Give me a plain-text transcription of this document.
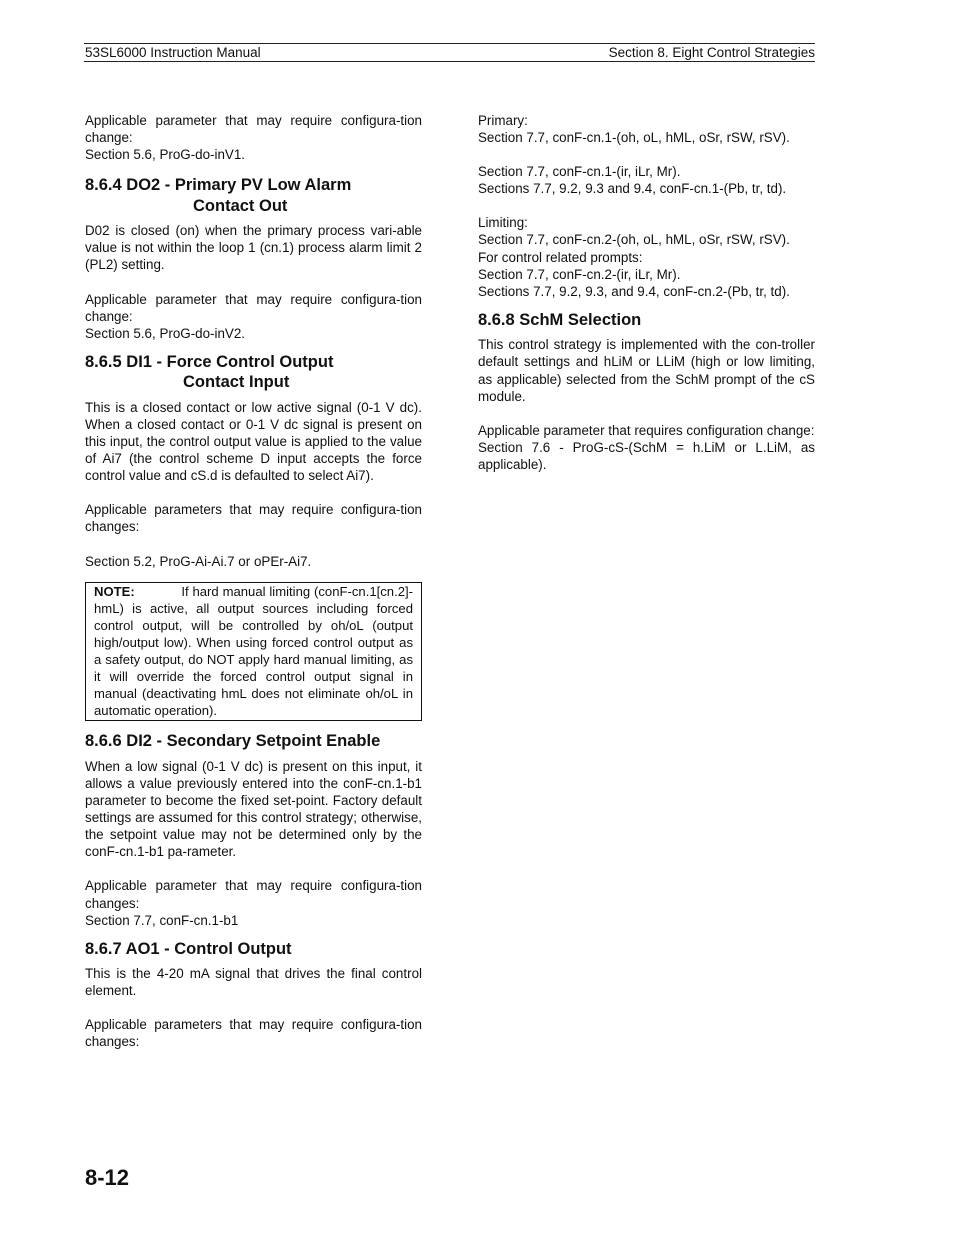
53SL6000 Instruction Manual	Section 8. Eight Control Strategies

Applicable parameter that may require configura-tion change:

Section 5.6, ProG-do-inV1.

8.6.4 DO2 - Primary PV Low Alarm
Contact Out

D02 is closed (on) when the primary process vari-able value is not within the loop 1 (cn.1) process alarm limit 2 (PL2) setting.

Applicable parameter that may require configura-tion change:

Section 5.6, ProG-do-inV2.

8.6.5 DI1 - Force Control Output
Contact Input

This is a closed contact or low active signal (0-1 V dc). When a closed contact or 0-1 V dc signal is present on this input, the control output value is applied to the value of Ai7 (the control scheme D input accepts the force control value and cS.d is defaulted to select Ai7).

Applicable parameters that may require configura-tion changes:

Section 5.2, ProG-Ai-Ai.7 or oPEr-Ai7.

NOTE:	If hard manual limiting (conF-cn.1[cn.2]-hmL) is active, all output sources including forced control output, will be controlled by oh/oL (output high/output low). When using forced control output as a safety output, do NOT apply hard manual limiting, as it will override the forced control output signal in manual (deactivating hmL does not eliminate oh/oL in automatic operation).

8.6.6 DI2 - Secondary Setpoint Enable

When a low signal (0-1 V dc) is present on this input, it allows a value previously entered into the conF-cn.1-b1 parameter to become the fixed set-point. Factory default settings are assumed for this control strategy; otherwise, the setpoint value may not be determined only by the conF-cn.1-b1 pa-rameter.

Applicable parameter that may require configura-tion changes:

Section 7.7, conF-cn.1-b1

8.6.7 AO1 - Control Output

This is the 4-20 mA signal that drives the final control element.

Applicable parameters that may require configura-tion changes:

Primary:

Section 7.7, conF-cn.1-(oh, oL, hML, oSr, rSW, rSV).

Section 7.7, conF-cn.1-(ir, iLr, Mr).

Sections 7.7, 9.2, 9.3 and 9.4, conF-cn.1-(Pb, tr, td).

Limiting:

Section 7.7, conF-cn.2-(oh, oL, hML, oSr, rSW, rSV).

For control related prompts:

Section 7.7, conF-cn.2-(ir, iLr, Mr).

Sections 7.7, 9.2, 9.3, and 9.4, conF-cn.2-(Pb, tr, td).

8.6.8 SchM Selection

This control strategy is implemented with the con-troller default settings and hLiM or LLiM (high or low limiting, as applicable) selected from the SchM prompt of the cS module.

Applicable parameter that requires configuration change:

Section 7.6 - ProG-cS-(SchM = h.LiM or L.LiM, as applicable).

8-12
